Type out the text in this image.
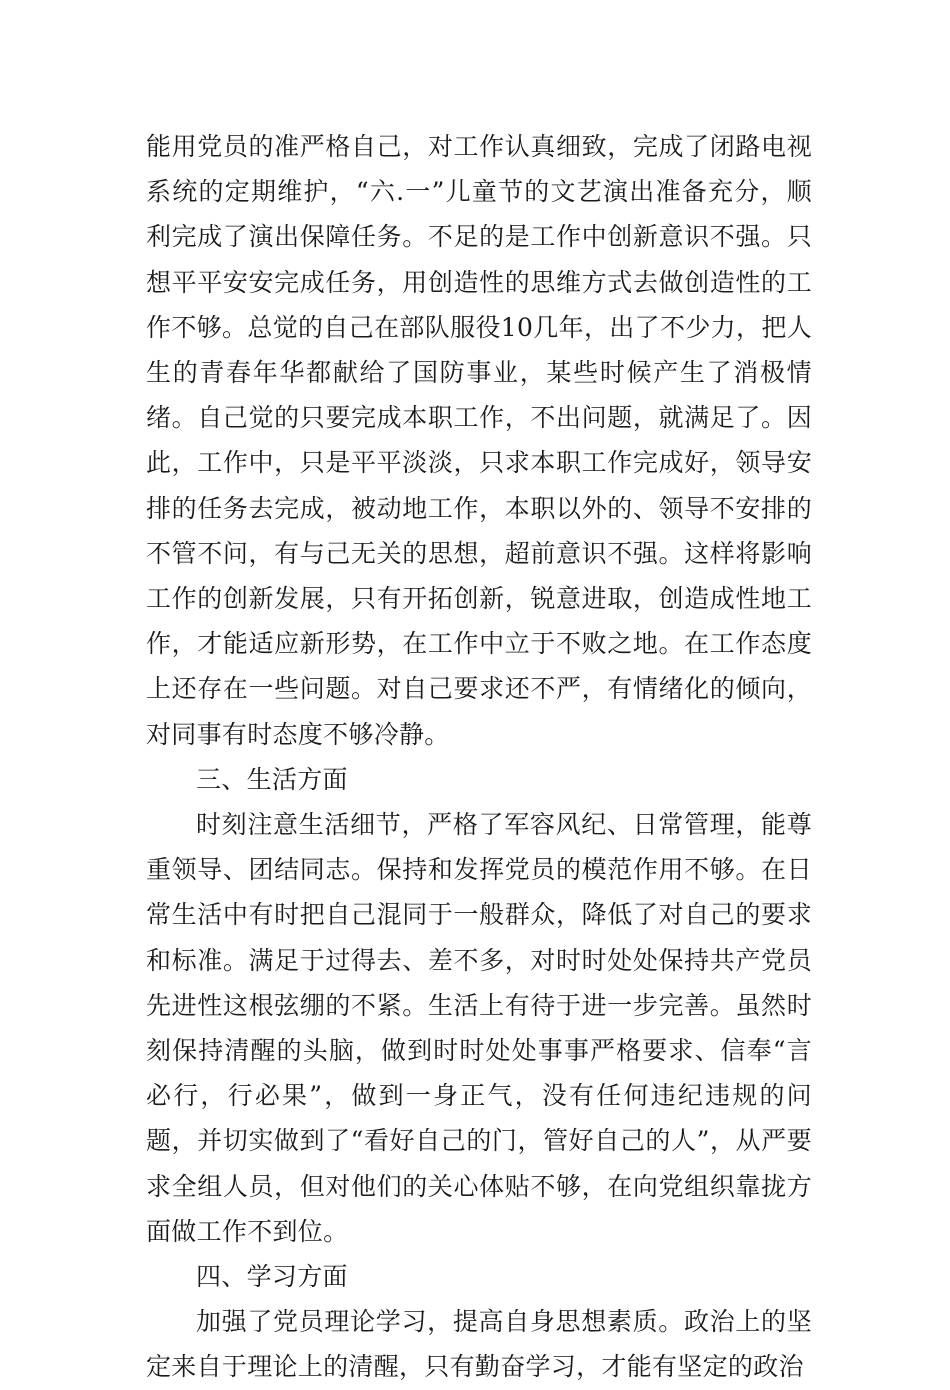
能用党员的准严格自己，对工作认真细致，完成了闭路电视系统的定期维护，“六.一”儿童节的文艺演出准备充分，顺利完成了演出保障任务。不足的是工作中创新意识不强。只想平平安安完成任务，用创造性的思维方式去做创造性的工作不够。总觉的自己在部队服役10几年，出了不少力，把人生的青春年华都献给了国防事业，某些时候产生了消极情绪。自己觉的只要完成本职工作，不出问题，就满足了。因此，工作中，只是平平淡淡，只求本职工作完成好，领导安排的任务去完成，被动地工作，本职以外的、领导不安排的不管不问，有与己无关的思想，超前意识不强。这样将影响工作的创新发展，只有开拓创新，锐意进取，创造成性地工作，才能适应新形势，在工作中立于不败之地。在工作态度上还存在一些问题。对自己要求还不严，有情绪化的倾向，对同事有时态度不够冷静。

三、生活方面

时刻注意生活细节，严格了军容风纪、日常管理，能尊重领导、团结同志。保持和发挥党员的模范作用不够。在日常生活中有时把自己混同于一般群众，降低了对自己的要求和标准。满足于过得去、差不多，对时时处处保持共产党员先进性这根弦绷的不紧。生活上有待于进一步完善。虽然时刻保持清醒的头脑，做到时时处处事事严格要求、信奉“言必行，行必果”，做到一身正气，没有任何违纪违规的问题，并切实做到了“看好自己的门，管好自己的人”，从严要求全组人员，但对他们的关心体贴不够，在向党组织靠拢方面做工作不到位。

四、学习方面

加强了党员理论学习，提高自身思想素质。政治上的坚定来自于理论上的清醒，只有勤奋学习，才能有坚定的政治
